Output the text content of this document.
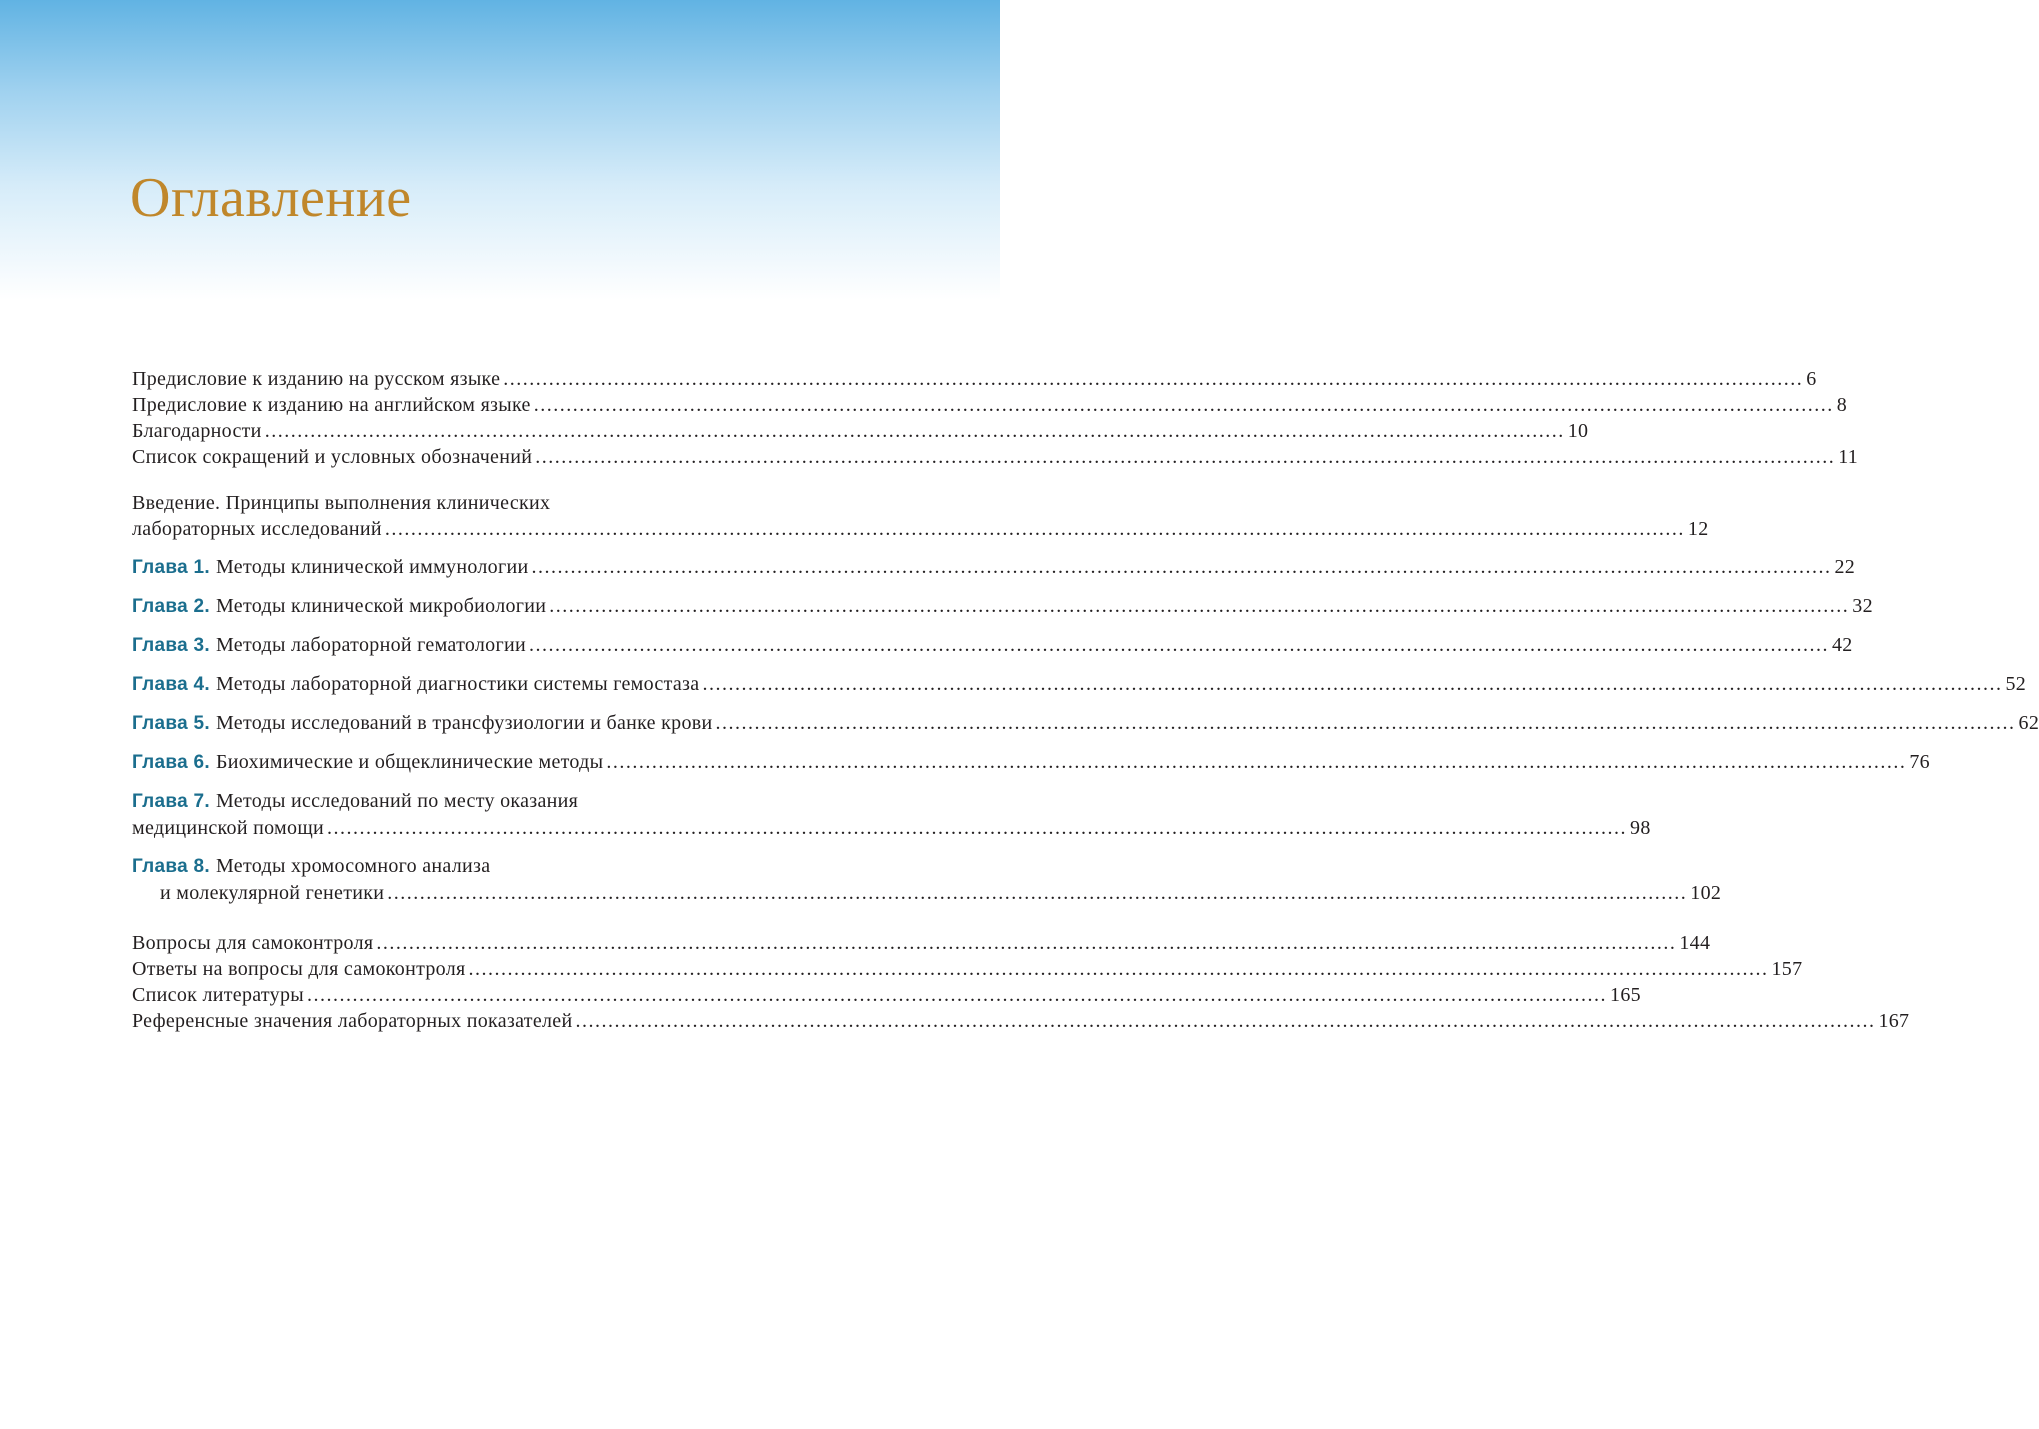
Оглавление
Предисловие к изданию на русском языке ........................................................................................................................................................................................................ 6
Предисловие к изданию на английском языке ........................................................................................................................................................................................................ 8
Благодарности ........................................................................................................................................................................................................ 10
Список сокращений и условных обозначений ........................................................................................................................................................................................................ 11
Введение. Принципы выполнения клинических
лабораторных исследований ........................................................................................................................................................................................................ 12
Глава 1. Методы клинической иммунологии ........................................................................................................................................................................................................ 22
Глава 2. Методы клинической микробиологии ........................................................................................................................................................................................................ 32
Глава 3. Методы лабораторной гематологии ........................................................................................................................................................................................................ 42
Глава 4. Методы лабораторной диагностики системы гемостаза ........................................................................................................................................................................................................ 52
Глава 5. Методы исследований в трансфузиологии и банке крови ........................................................................................................................................................................................................ 62
Глава 6. Биохимические и общеклинические методы ........................................................................................................................................................................................................ 76
Глава 7. Методы исследований по месту оказания
медицинской помощи ........................................................................................................................................................................................................ 98
Глава 8. Методы хромосомного анализа
и молекулярной генетики ........................................................................................................................................................................................................ 102
Вопросы для самоконтроля ........................................................................................................................................................................................................ 144
Ответы на вопросы для самоконтроля ........................................................................................................................................................................................................ 157
Список литературы ........................................................................................................................................................................................................ 165
Референсные значения лабораторных показателей ........................................................................................................................................................................................................ 167
